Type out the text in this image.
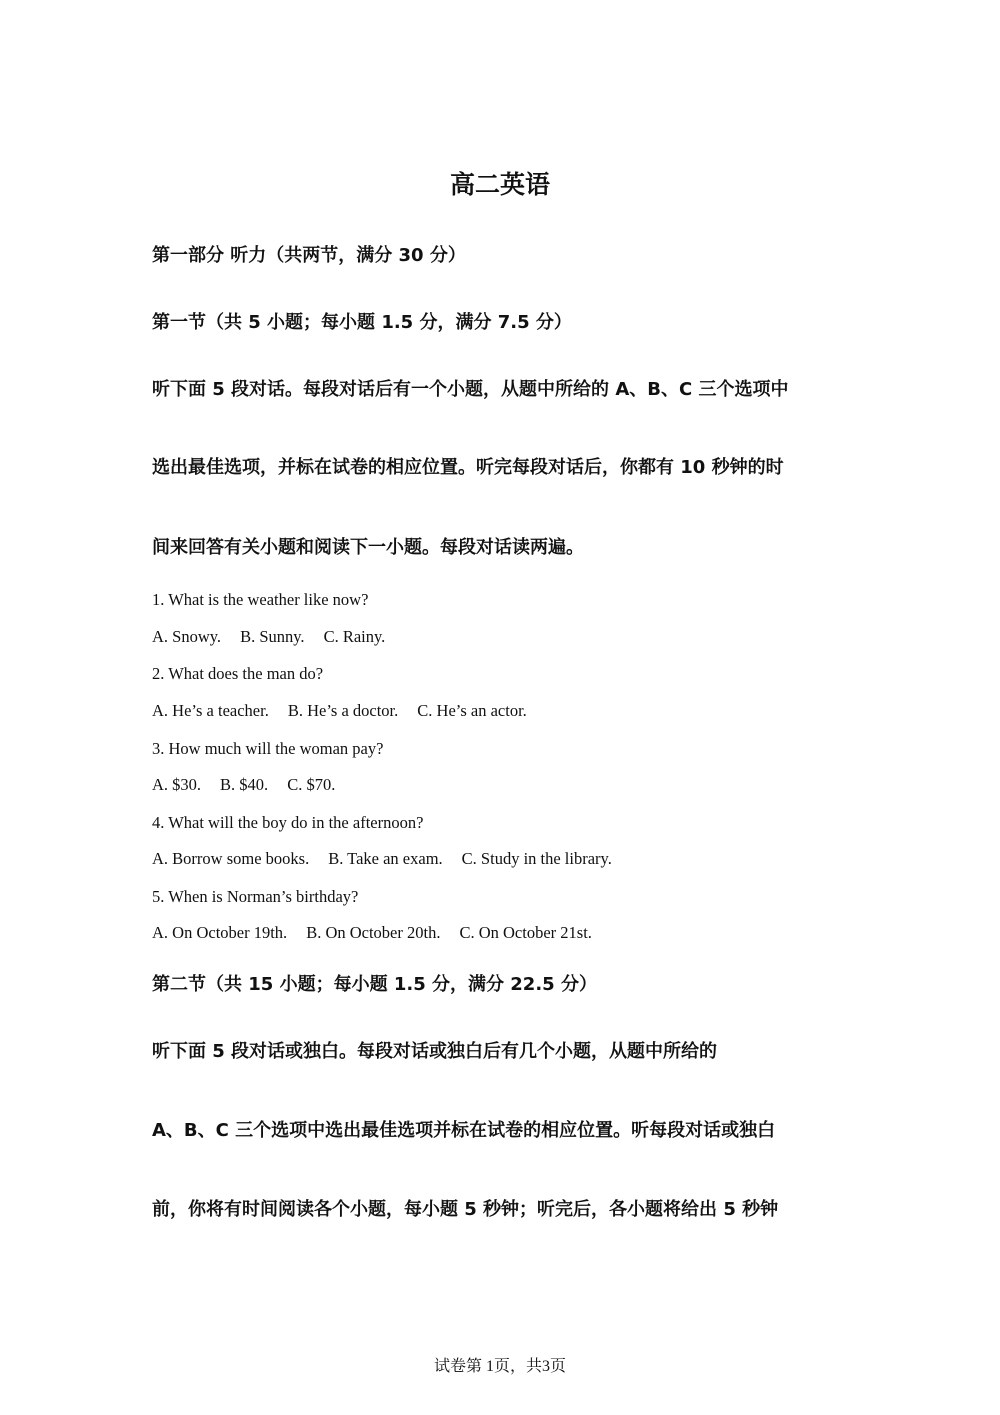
高二英语

第一部分 听力（共两节，满分 30 分）

第一节（共 5 小题；每小题 1.5 分，满分 7.5 分）

听下面 5 段对话。每段对话后有一个小题，从题中所给的 A、B、C 三个选项中

选出最佳选项，并标在试卷的相应位置。听完每段对话后，你都有 10 秒钟的时

间来回答有关小题和阅读下一小题。每段对话读两遍。

1. What is the weather like now?

A. Snowy. B. Sunny. C. Rainy.

2. What does the man do?

A. He’s a teacher. B. He’s a doctor. C. He’s an actor.

3. How much will the woman pay?

A. $30. B. $40. C. $70.

4. What will the boy do in the afternoon?

A. Borrow some books. B. Take an exam. C. Study in the library.

5. When is Norman’s birthday?

A. On October 19th. B. On October 20th. C. On October 21st.

第二节（共 15 小题；每小题 1.5 分，满分 22.5 分）

听下面 5 段对话或独白。每段对话或独白后有几个小题，从题中所给的

A、B、C 三个选项中选出最佳选项并标在试卷的相应位置。听每段对话或独白

前，你将有时间阅读各个小题，每小题 5 秒钟；听完后，各小题将给出 5 秒钟

试卷第 1页，共3页
